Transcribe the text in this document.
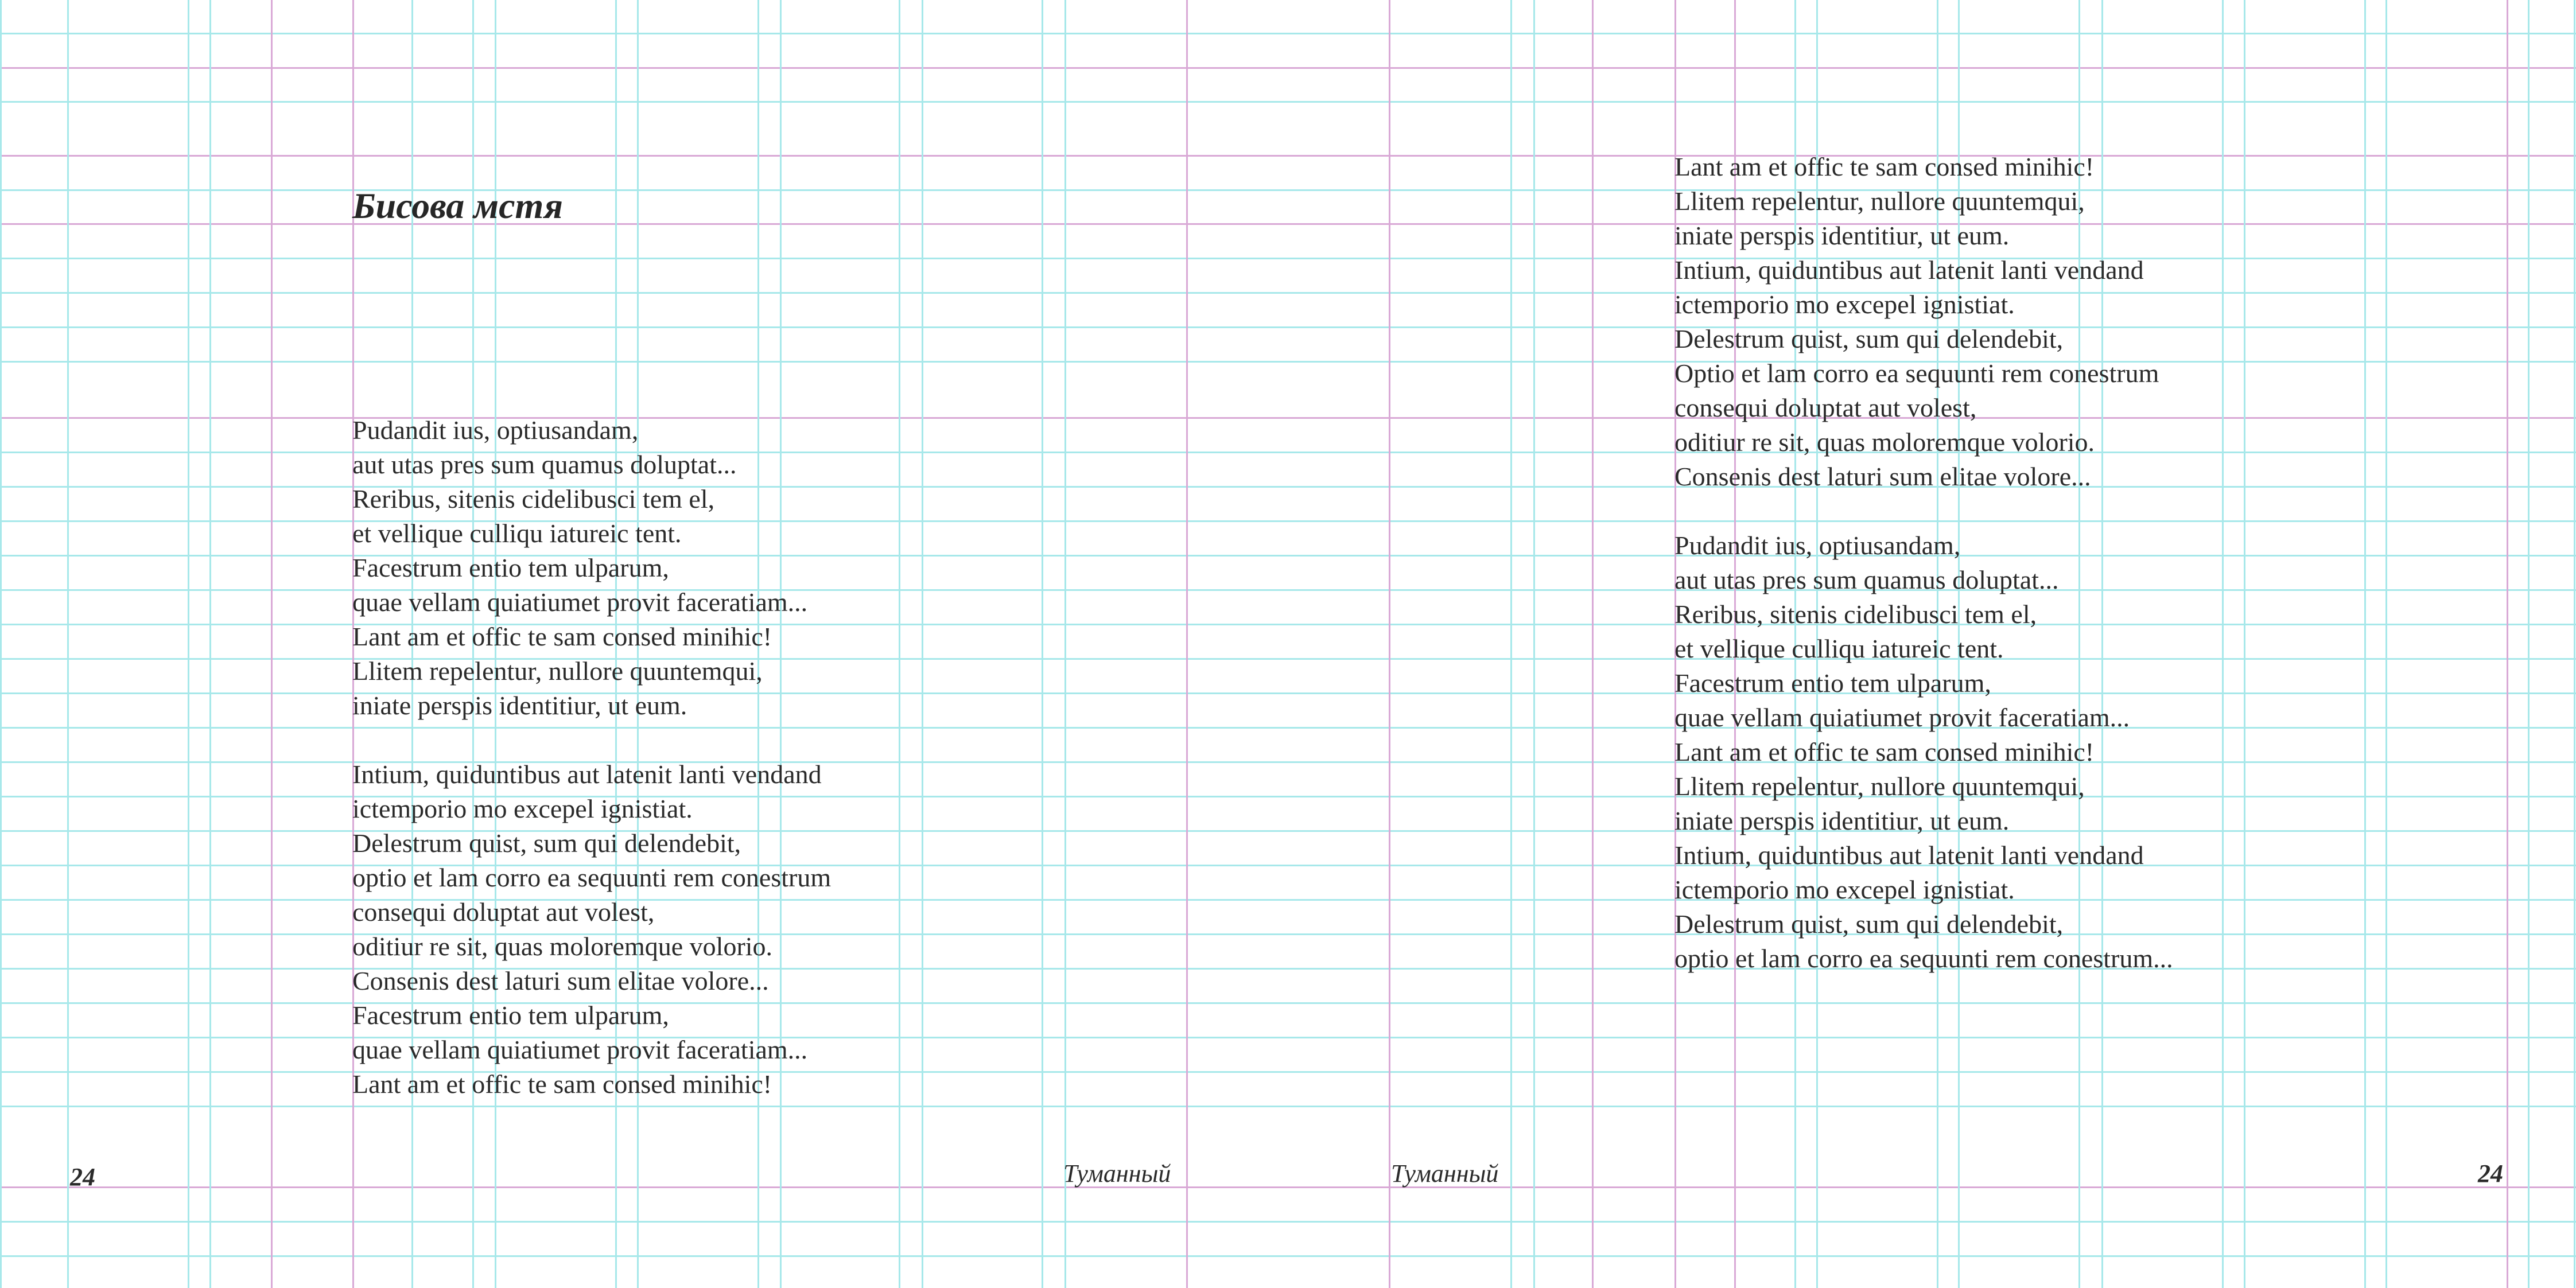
Бисова мстя
Pudandit ius, optiusandam,
aut utas pres sum quamus doluptat...
Reribus, sitenis cidelibusci tem el,
et vellique culliqu iatureic tent.
Facestrum entio tem ulparum,
quae vellam quiatiumet provit faceratiam...
Lant am et offic te sam consed minihic!
Llitem repelentur, nullore quuntemqui,
iniate perspis identitiur, ut eum.
Intium, quiduntibus aut latenit lanti vendand
ictemporio mo excepel ignistiat.
Delestrum quist, sum qui delendebit,
optio et lam corro ea sequunti rem conestrum
consequi doluptat aut volest,
oditiur re sit, quas moloremque volorio.
Consenis dest laturi sum elitae volore...
Facestrum entio tem ulparum,
quae vellam quiatiumet provit faceratiam...
Lant am et offic te sam consed minihic!

24	Туманный

Lant am et offic te sam consed minihic!
Llitem repelentur, nullore quuntemqui,
iniate perspis identitiur, ut eum.
Intium, quiduntibus aut latenit lanti vendand
ictemporio mo excepel ignistiat.
Delestrum quist, sum qui delendebit,
Optio et lam corro ea sequunti rem conestrum
consequi doluptat aut volest,
oditiur re sit, quas moloremque volorio.
Consenis dest laturi sum elitae volore...
Pudandit ius, optiusandam,
aut utas pres sum quamus doluptat...
Reribus, sitenis cidelibusci tem el,
et vellique culliqu iatureic tent.
Facestrum entio tem ulparum,
quae vellam quiatiumet provit faceratiam...
Lant am et offic te sam consed minihic!
Llitem repelentur, nullore quuntemqui,
iniate perspis identitiur, ut eum.
Intium, quiduntibus aut latenit lanti vendand
ictemporio mo excepel ignistiat.
Delestrum quist, sum qui delendebit,
optio et lam corro ea sequunti rem conestrum...

Туманный	24
